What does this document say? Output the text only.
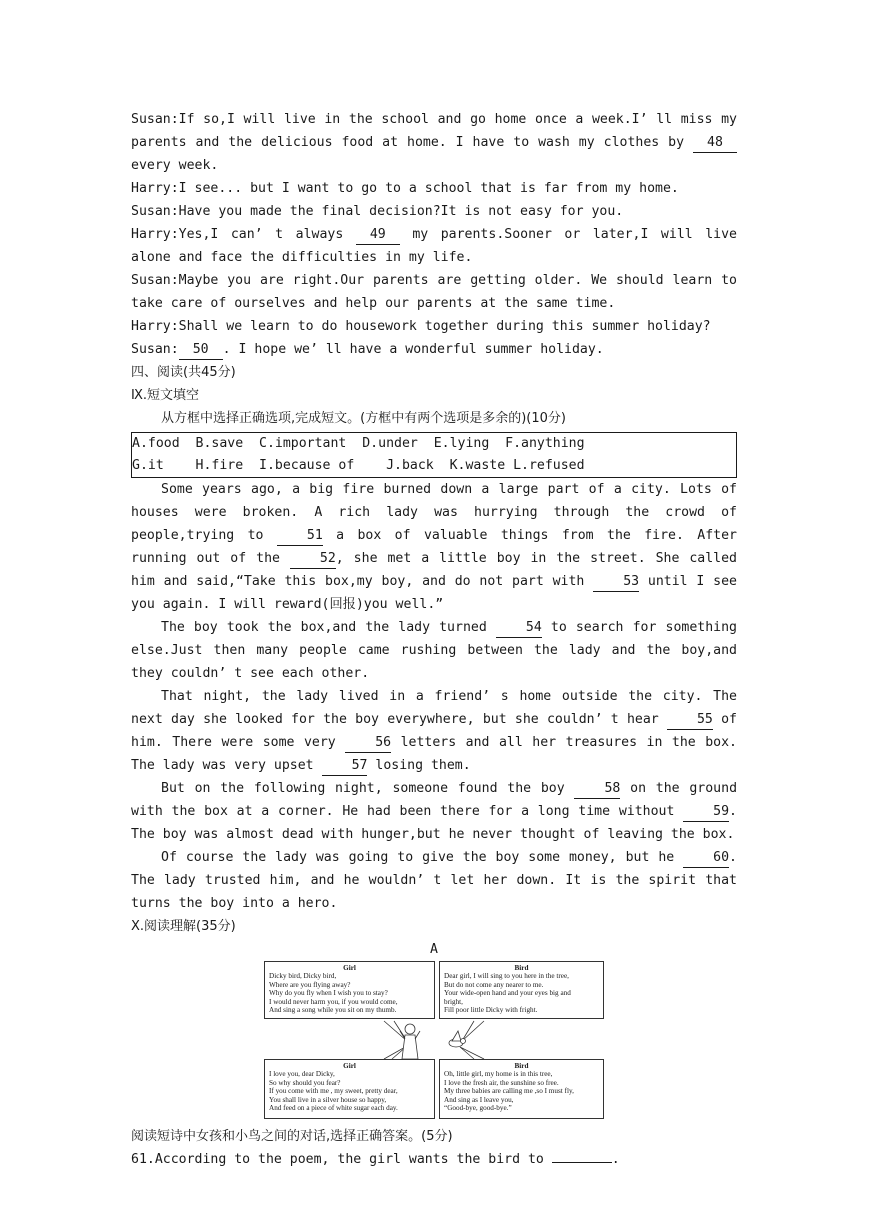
Susan:If so,I will live in the school and go home once a week.I’ ll miss my parents and the delicious food at home. I have to wash my clothes by 48 every week.

Harry:I see... but I want to go to a school that is far from my home.

Susan:Have you made the final decision?It is not easy for you.

Harry:Yes,I can’ t always 49 my parents.Sooner or later,I will live alone and face the difficulties in my life.

Susan:Maybe you are right.Our parents are getting older. We should learn to take care of ourselves and help our parents at the same time.

Harry:Shall we learn to do housework together during this summer holiday?

Susan: 50 . I hope we’ ll have a wonderful summer holiday.

四、阅读(共45分)

Ⅸ.短文填空

从方框中选择正确选项,完成短文。(方框中有两个选项是多余的)(10分)

A.food  B.save  C.important  D.under  E.lying  F.anything
G.it    H.fire  I.because of    J.back  K.waste L.refused

Some years ago, a big fire burned down a large part of a city. Lots of houses were broken. A rich lady was hurrying through the crowd of people,trying to 51 a box of valuable things from the fire. After running out of the 52, she met a little boy in the street. She called him and said,“Take this box,my boy, and do not part with 53 until I see you again. I will reward(回报)you well.”

The boy took the box,and the lady turned 54 to search for something else.Just then many people came rushing between the lady and the boy,and they couldn’ t see each other.

That night, the lady lived in a friend’ s home outside the city. The next day she looked for the boy everywhere, but she couldn’ t hear 55 of him. There were some very 56 letters and all her treasures in the box. The lady was very upset 57 losing them.

But on the following night, someone found the boy 58 on the ground with the box at a corner. He had been there for a long time without 59. The boy was almost dead with hunger,but he never thought of leaving the box.

Of course the lady was going to give the boy some money, but he 60. The lady trusted him, and he wouldn’ t let her down. It is the spirit that turns the boy into a hero.

Ⅹ.阅读理解(35分)

A

Girl
Dicky bird, Dicky bird,
Where are you flying away?
Why do you fly when I wish you to stay?
I would never harm you, if you would come,
And sing a song while you sit on my thumb.
Bird
Dear girl, I will sing to you here in the tree,
But do not come any nearer to me.
Your wide-open hand and your eyes big and
bright,
Fill poor little Dicky with fright.
Girl
I love you, dear Dicky,
So why should you fear?
If you come with me , my sweet, pretty dear,
You shall live in a silver house so happy,
And feed on a piece of white sugar each day.
Bird
Oh, little girl, my home is in this tree,
I love the fresh air, the sunshine so free.
My three babies are calling me ,so I must fly,
And sing as I leave you,
“Good-bye, good-bye.”

阅读短诗中女孩和小鸟之间的对话,选择正确答案。(5分)

61.According to the poem, the girl wants the bird to	.
